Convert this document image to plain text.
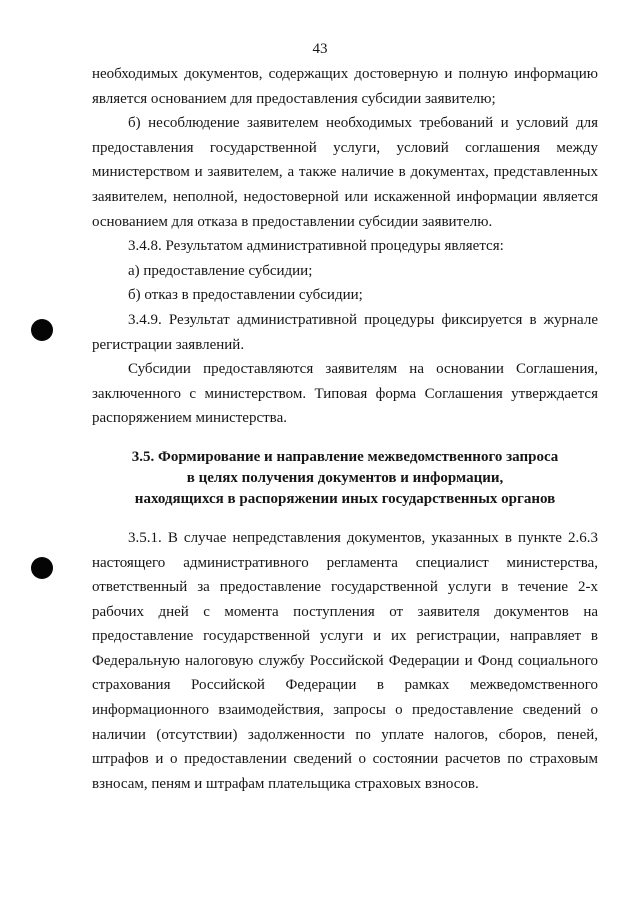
43

необходимых документов, содержащих достоверную и полную информацию является основанием для предоставления субсидии заявителю;

б) несоблюдение заявителем необходимых требований и условий для предоставления государственной услуги, условий соглашения между министерством и заявителем, а также наличие в документах, представленных заявителем, неполной, недостоверной или искаженной информации является основанием для отказа в предоставлении субсидии заявителю.

3.4.8. Результатом административной процедуры является:

а) предоставление субсидии;

б) отказ в предоставлении субсидии;

3.4.9. Результат административной процедуры фиксируется в журнале регистрации заявлений.

Субсидии предоставляются заявителям на основании Соглашения, заключенного с министерством. Типовая форма Соглашения утверждается распоряжением министерства.

3.5. Формирование и направление межведомственного запроса

в целях получения документов и информации,

находящихся в распоряжении иных государственных органов

3.5.1. В случае непредставления документов, указанных в пункте 2.6.3 настоящего административного регламента специалист министерства, ответственный за предоставление государственной услуги в течение 2-х рабочих дней с момента поступления от заявителя документов на предоставление государственной услуги и их регистрации, направляет в Федеральную налоговую службу Российской Федерации и Фонд социального страхования Российской Федерации в рамках межведомственного информационного взаимодействия, запросы о предоставление сведений о наличии (отсутствии) задолженности по уплате налогов, сборов, пеней, штрафов и о предоставлении сведений о состоянии расчетов по страховым взносам, пеням и штрафам плательщика страховых взносов.
